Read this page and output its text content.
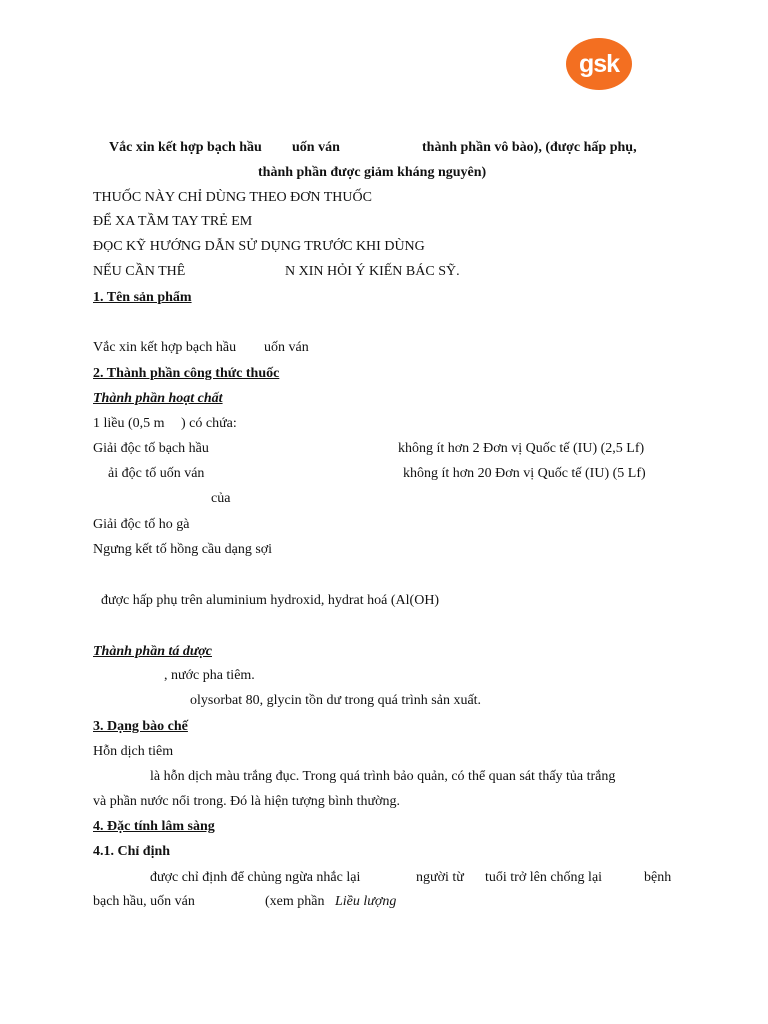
gsk
Vắc xin kết hợp bạch hầu uốn ván	thành phần vô bào), (được hấp phụ,
thành phần được giảm kháng nguyên)
THUỐC NÀY CHỈ DÙNG THEO ĐƠN THUỐC
ĐỂ XA TẦM TAY TRẺ EM
ĐỌC KỸ HƯỚNG DẪN SỬ DỤNG TRƯỚC KHI DÙNG
NẾU CẦN THÊ	N XIN HỎI Ý KIẾN BÁC SỸ.
1. Tên sản phẩm
Vắc xin kết hợp bạch hầu uốn ván
2. Thành phần công thức thuốc
Thành phần hoạt chất
1 liều (0,5 m ) có chứa:
Giải độc tố bạch hầu	không ít hơn 2 Đơn vị Quốc tế (IU) (2,5 Lf)
ải độc tố uốn ván	không ít hơn 20 Đơn vị Quốc tế (IU) (5 Lf)
của
Giải độc tố ho gà
Ngưng kết tố hồng cầu dạng sợi
được hấp phụ trên aluminium hydroxid, hydrat hoá (Al(OH)
Thành phần tá dược
, nước pha tiêm.
olysorbat 80, glycin tồn dư trong quá trình sản xuất.
3. Dạng bào chế
Hỗn dịch tiêm
là hỗn dịch màu trắng đục. Trong quá trình bảo quản, có thể quan sát thấy tủa trắng
và phần nước nổi trong. Đó là hiện tượng bình thường.
4. Đặc tính lâm sàng
4.1. Chỉ định
được chỉ định để chủng ngừa nhắc lại	người từ tuổi trở lên chống lại	bệnh
bạch hầu, uốn ván	(xem phần Liều lượng
